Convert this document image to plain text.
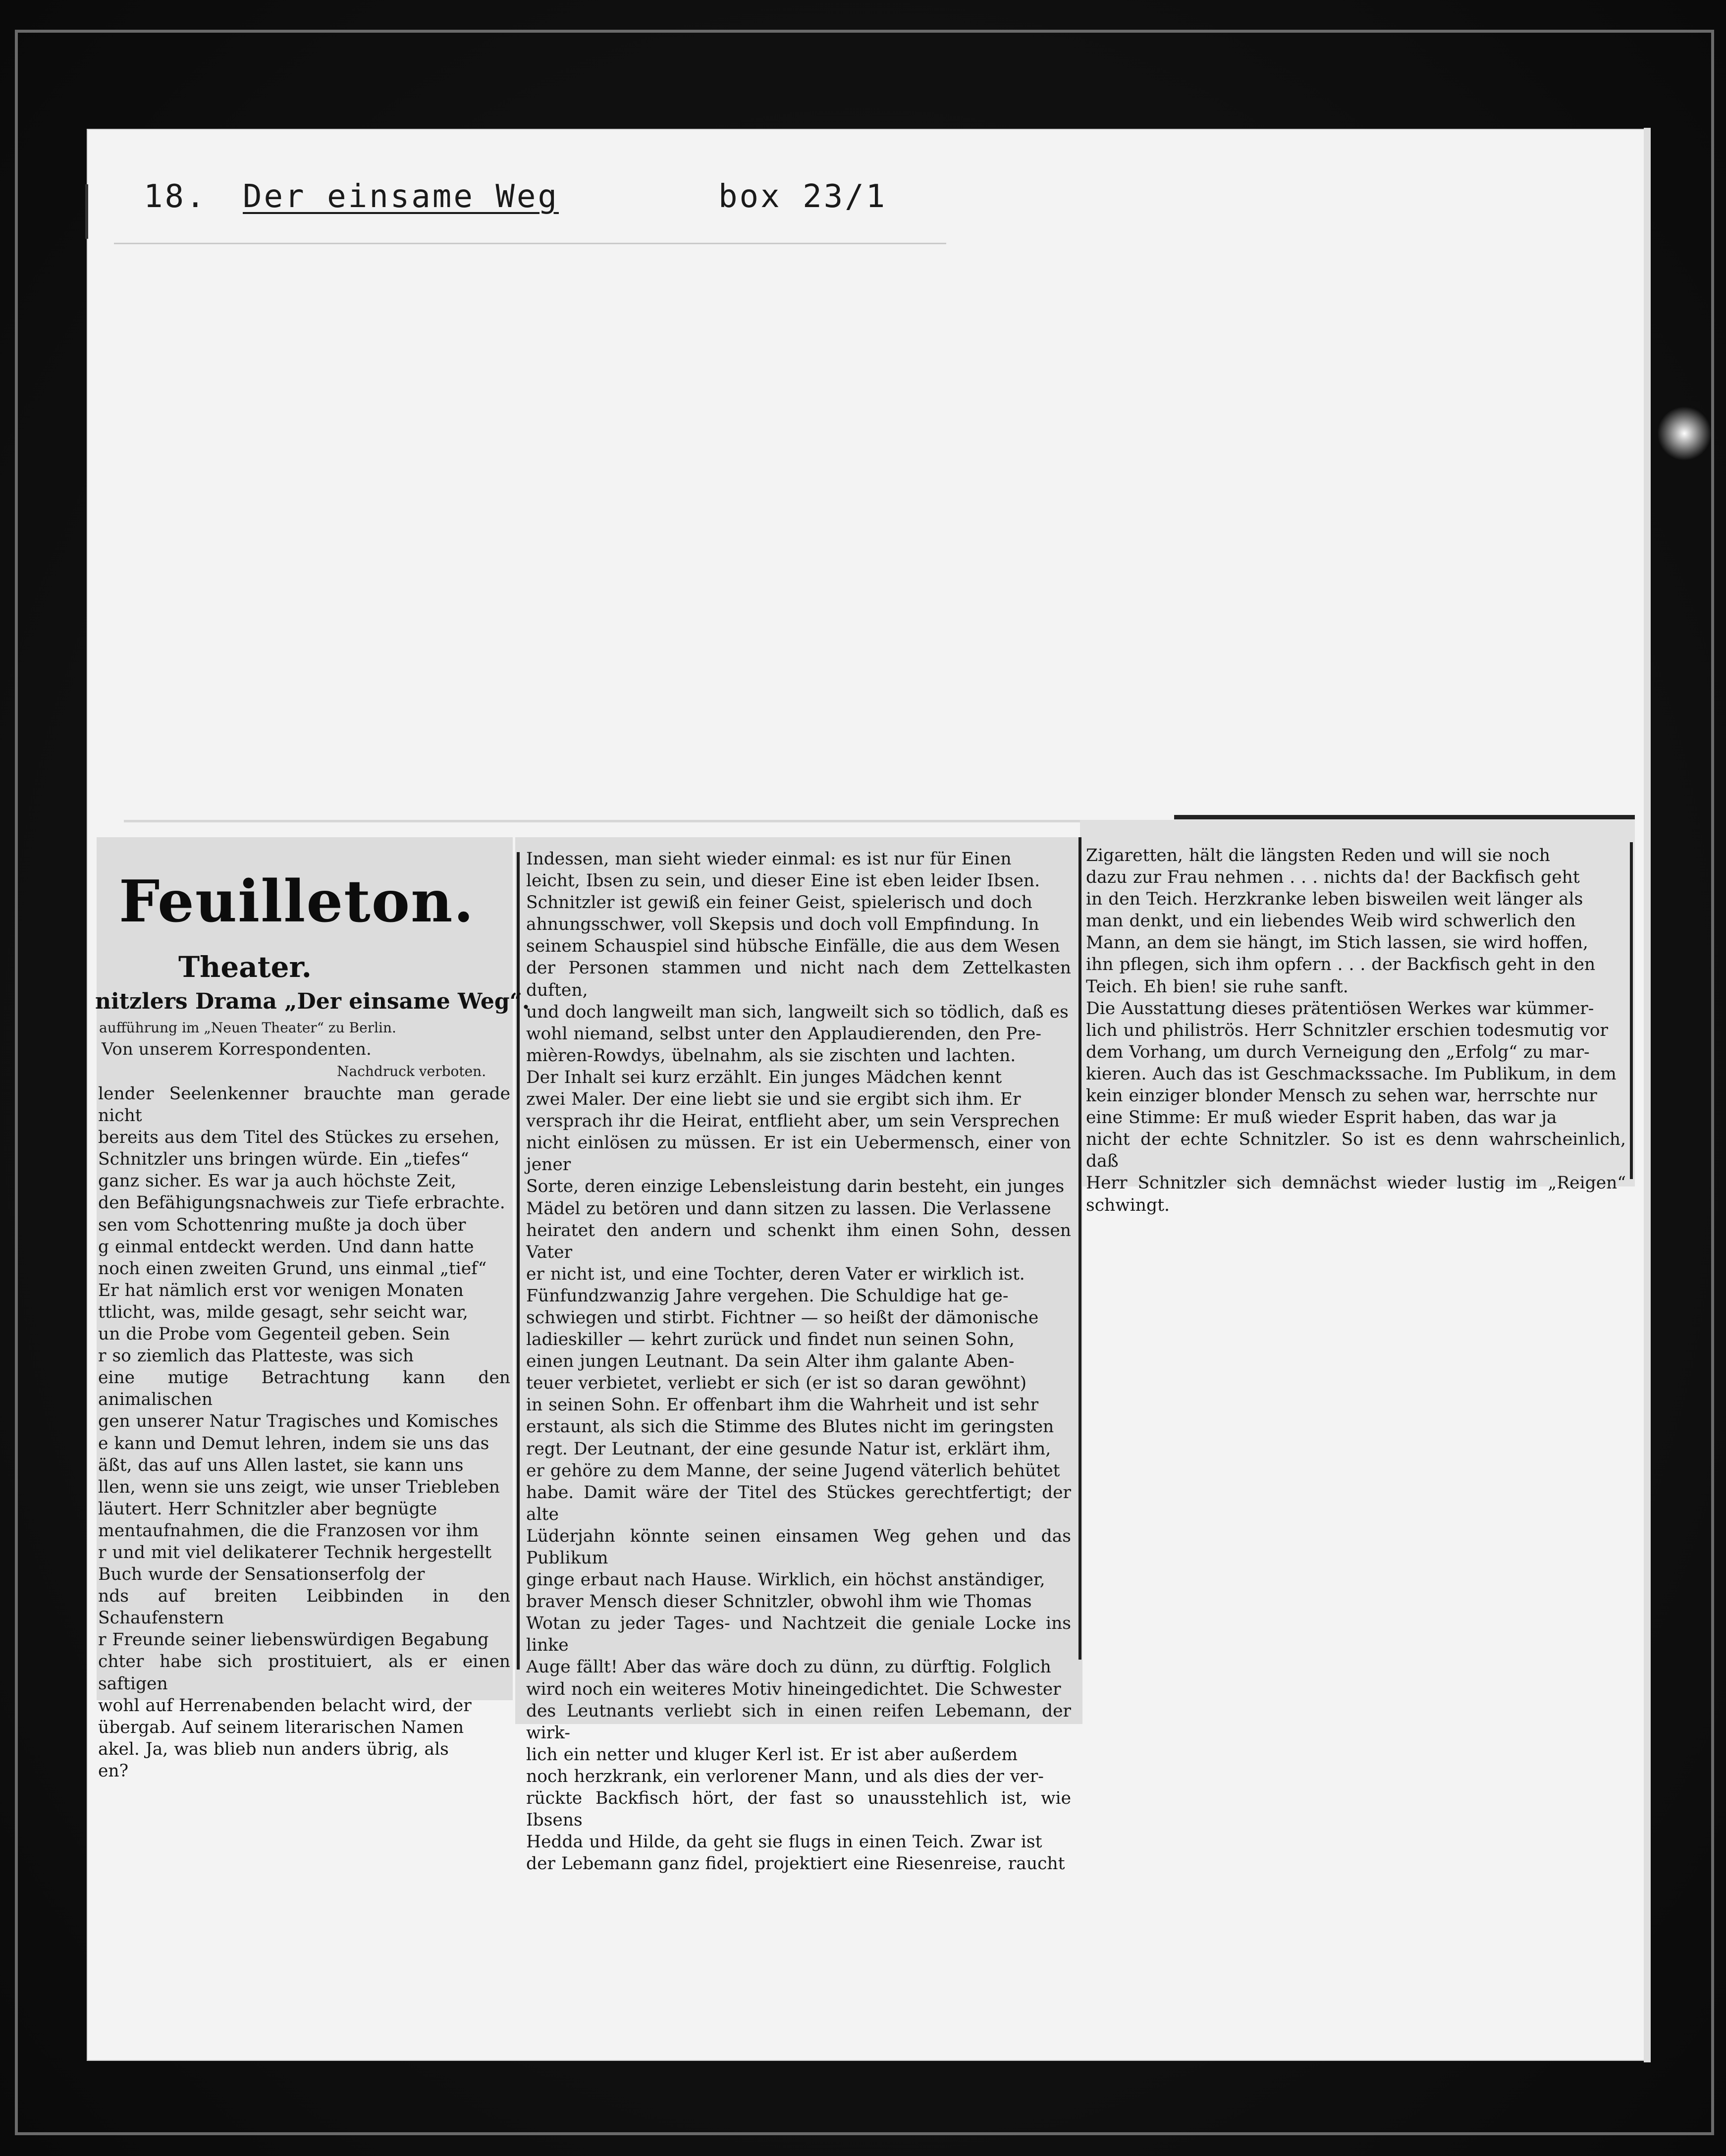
18. Der einsame Weg	box 23/1
Feuilleton.
Theater.
nitzlers Drama „Der einsame Weg“.
aufführung im „Neuen Theater“ zu Berlin.
Von unserem Korrespondenten.
Nachdruck verboten.
lender Seelenkenner brauchte man gerade nicht
bereits aus dem Titel des Stückes zu ersehen,
Schnitzler uns bringen würde. Ein „tiefes“
ganz sicher. Es war ja auch höchste Zeit,
den Befähigungsnachweis zur Tiefe erbrachte.
sen vom Schottenring mußte ja doch über
g einmal entdeckt werden. Und dann hatte
noch einen zweiten Grund, uns einmal „tief“
Er hat nämlich erst vor wenigen Monaten
ttlicht, was, milde gesagt, sehr seicht war,
un die Probe vom Gegenteil geben. Sein
r so ziemlich das Platteste, was sich
eine mutige Betrachtung kann den animalischen
gen unserer Natur Tragisches und Komisches
e kann und Demut lehren, indem sie uns das
äßt, das auf uns Allen lastet, sie kann uns
llen, wenn sie uns zeigt, wie unser Triebleben
läutert. Herr Schnitzler aber begnügte
mentaufnahmen, die die Franzosen vor ihm
r und mit viel delikaterer Technik hergestellt
Buch wurde der Sensationserfolg der
nds auf breiten Leibbinden in den Schaufenstern
r Freunde seiner liebenswürdigen Begabung
chter habe sich prostituiert, als er einen saftigen
wohl auf Herrenabenden belacht wird, der
übergab. Auf seinem literarischen Namen
akel. Ja, was blieb nun anders übrig, als
en?
Indessen, man sieht wieder einmal: es ist nur für Einen
leicht, Ibsen zu sein, und dieser Eine ist eben leider Ibsen.
Schnitzler ist gewiß ein feiner Geist, spielerisch und doch
ahnungsschwer, voll Skepsis und doch voll Empfindung. In
seinem Schauspiel sind hübsche Einfälle, die aus dem Wesen
der Personen stammen und nicht nach dem Zettelkasten duften,
und doch langweilt man sich, langweilt sich so tödlich, daß es
wohl niemand, selbst unter den Applaudierenden, den Pre-
mièren-Rowdys, übelnahm, als sie zischten und lachten.
Der Inhalt sei kurz erzählt. Ein junges Mädchen kennt
zwei Maler. Der eine liebt sie und sie ergibt sich ihm. Er
versprach ihr die Heirat, entflieht aber, um sein Versprechen
nicht einlösen zu müssen. Er ist ein Uebermensch, einer von jener
Sorte, deren einzige Lebensleistung darin besteht, ein junges
Mädel zu betören und dann sitzen zu lassen. Die Verlassene
heiratet den andern und schenkt ihm einen Sohn, dessen Vater
er nicht ist, und eine Tochter, deren Vater er wirklich ist.
Fünfundzwanzig Jahre vergehen. Die Schuldige hat ge-
schwiegen und stirbt. Fichtner — so heißt der dämonische
ladieskiller — kehrt zurück und findet nun seinen Sohn,
einen jungen Leutnant. Da sein Alter ihm galante Aben-
teuer verbietet, verliebt er sich (er ist so daran gewöhnt)
in seinen Sohn. Er offenbart ihm die Wahrheit und ist sehr
erstaunt, als sich die Stimme des Blutes nicht im geringsten
regt. Der Leutnant, der eine gesunde Natur ist, erklärt ihm,
er gehöre zu dem Manne, der seine Jugend väterlich behütet
habe. Damit wäre der Titel des Stückes gerechtfertigt; der alte
Lüderjahn könnte seinen einsamen Weg gehen und das Publikum
ginge erbaut nach Hause. Wirklich, ein höchst anständiger,
braver Mensch dieser Schnitzler, obwohl ihm wie Thomas
Wotan zu jeder Tages- und Nachtzeit die geniale Locke ins linke
Auge fällt! Aber das wäre doch zu dünn, zu dürftig. Folglich
wird noch ein weiteres Motiv hineingedichtet. Die Schwester
des Leutnants verliebt sich in einen reifen Lebemann, der wirk-
lich ein netter und kluger Kerl ist. Er ist aber außerdem
noch herzkrank, ein verlorener Mann, und als dies der ver-
rückte Backfisch hört, der fast so unausstehlich ist, wie Ibsens
Hedda und Hilde, da geht sie flugs in einen Teich. Zwar ist
der Lebemann ganz fidel, projektiert eine Riesenreise, raucht
Zigaretten, hält die längsten Reden und will sie noch
dazu zur Frau nehmen . . . nichts da! der Backfisch geht
in den Teich. Herzkranke leben bisweilen weit länger als
man denkt, und ein liebendes Weib wird schwerlich den
Mann, an dem sie hängt, im Stich lassen, sie wird hoffen,
ihn pflegen, sich ihm opfern . . . der Backfisch geht in den
Teich. Eh bien! sie ruhe sanft.
Die Ausstattung dieses prätentiösen Werkes war kümmer-
lich und philiströs. Herr Schnitzler erschien todesmutig vor
dem Vorhang, um durch Verneigung den „Erfolg“ zu mar-
kieren. Auch das ist Geschmackssache. Im Publikum, in dem
kein einziger blonder Mensch zu sehen war, herrschte nur
eine Stimme: Er muß wieder Esprit haben, das war ja
nicht der echte Schnitzler. So ist es denn wahrscheinlich, daß
Herr Schnitzler sich demnächst wieder lustig im „Reigen“ schwingt.
